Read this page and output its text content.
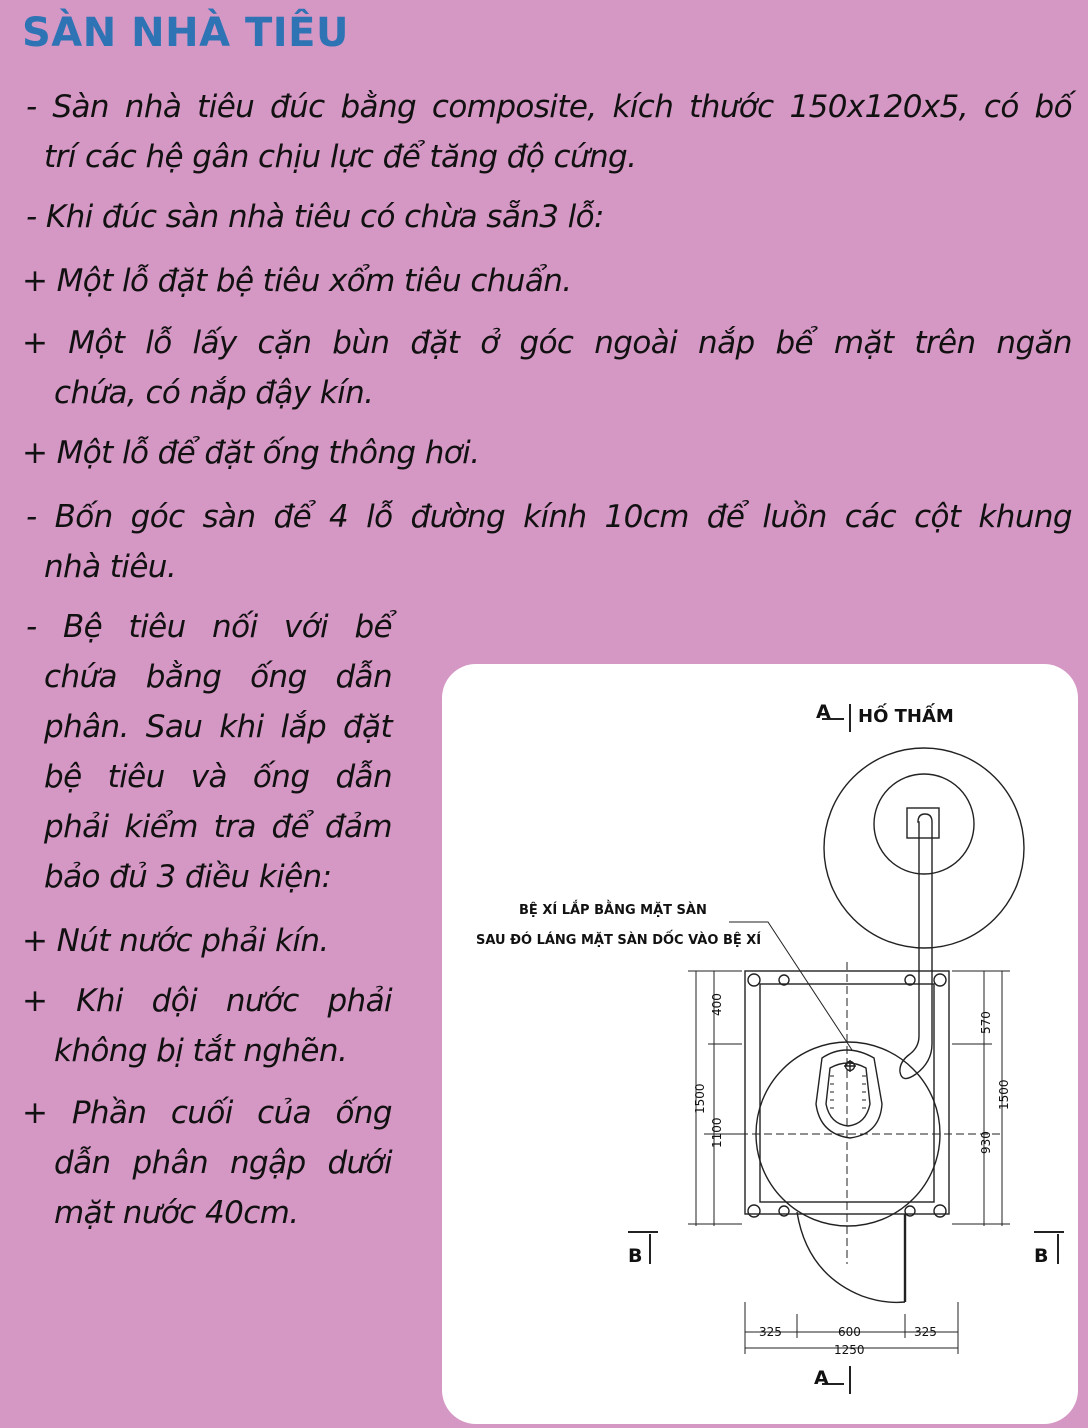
SÀN NHÀ TIÊU
- Sàn nhà tiêu đúc bằng composite, kích thước 150x120x5, có bố
trí các hệ gân chịu lực để tăng độ cứng.
- Khi đúc sàn nhà tiêu có chừa sẵn3 lỗ:
+ Một lỗ đặt bệ tiêu xổm tiêu chuẩn.
+ Một lỗ lấy cặn bùn đặt ở góc ngoài nắp bể mặt trên ngăn
chứa, có nắp đậy kín.
+ Một lỗ để đặt ống thông hơi.
- Bốn góc sàn để 4 lỗ đường kính 10cm để luồn các cột khung
nhà tiêu.
- Bệ tiêu nối với bể
chứa bằng ống dẫn
phân. Sau khi lắp đặt
bệ tiêu và ống dẫn
phải kiểm tra để đảm
bảo đủ 3 điều kiện:
+ Nút nước phải kín.
+ Khi dội nước phải
không bị tắt nghẽn.
+ Phần cuối của ống
dẫn phân ngập dưới
mặt nước 40cm.
A HỐ THẤM
BỆ XÍ LẮP BẰNG MẶT SÀN
SAU ĐÓ LÁNG MẶT SÀN DỐC VÀO BỆ XÍ
B	B
A
400
1500
1100
570
1500
930
325	600	325
1250
